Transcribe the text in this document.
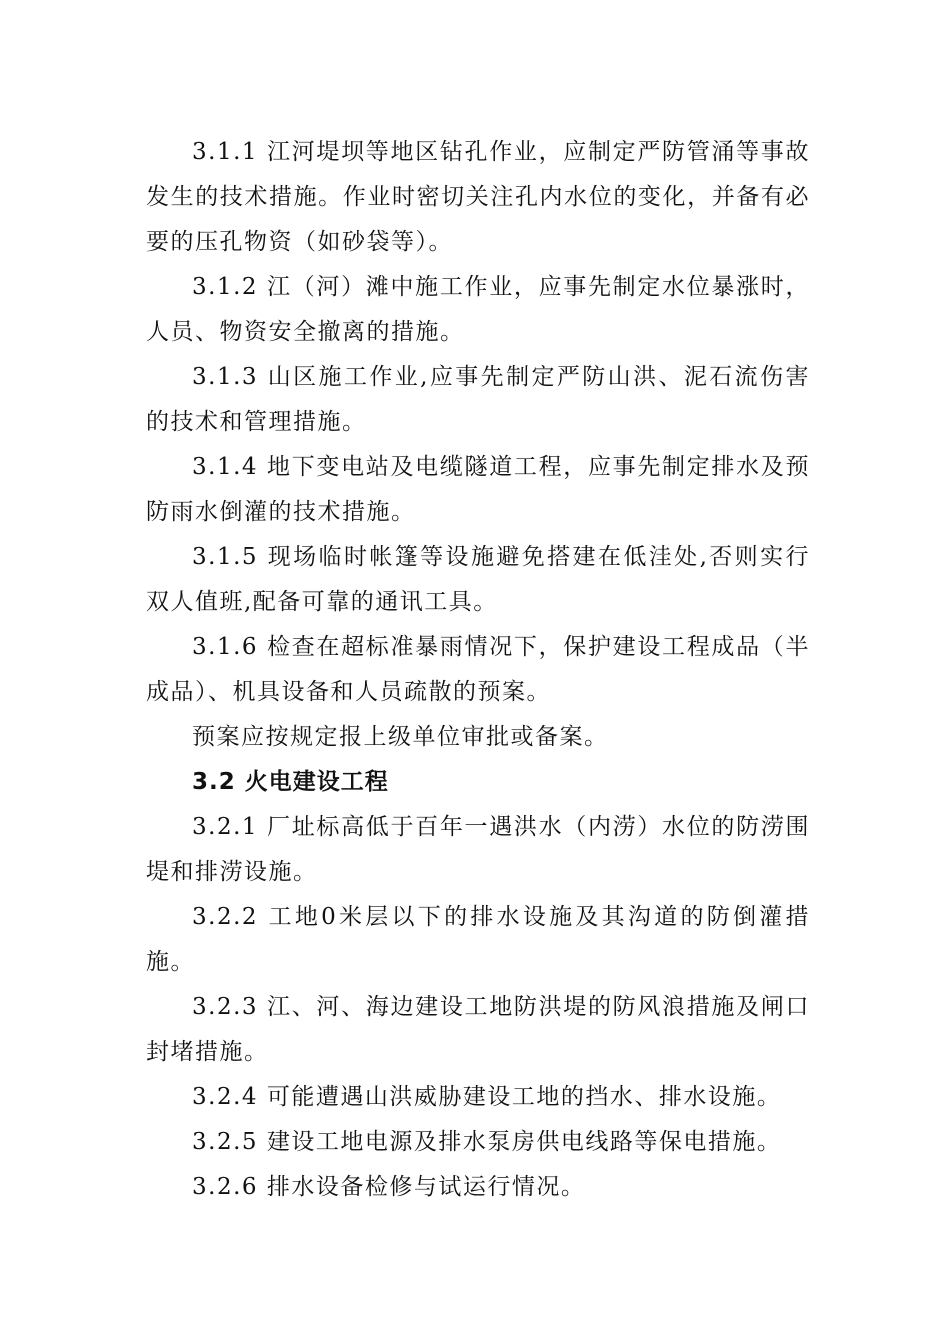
3.1.1 江河堤坝等地区钻孔作业，应制定严防管涌等事故发生的技术措施。作业时密切关注孔内水位的变化，并备有必要的压孔物资（如砂袋等）。

3.1.2 江（河）滩中施工作业，应事先制定水位暴涨时，人员、物资安全撤离的措施。

3.1.3 山区施工作业,应事先制定严防山洪、泥石流伤害的技术和管理措施。

3.1.4 地下变电站及电缆隧道工程，应事先制定排水及预防雨水倒灌的技术措施。

3.1.5 现场临时帐篷等设施避免搭建在低洼处,否则实行双人值班,配备可靠的通讯工具。

3.1.6 检查在超标准暴雨情况下，保护建设工程成品（半成品）、机具设备和人员疏散的预案。

预案应按规定报上级单位审批或备案。

3.2 火电建设工程

3.2.1 厂址标高低于百年一遇洪水（内涝）水位的防涝围堤和排涝设施。

3.2.2 工地0米层以下的排水设施及其沟道的防倒灌措施。

3.2.3 江、河、海边建设工地防洪堤的防风浪措施及闸口封堵措施。

3.2.4 可能遭遇山洪威胁建设工地的挡水、排水设施。

3.2.5 建设工地电源及排水泵房供电线路等保电措施。

3.2.6 排水设备检修与试运行情况。
